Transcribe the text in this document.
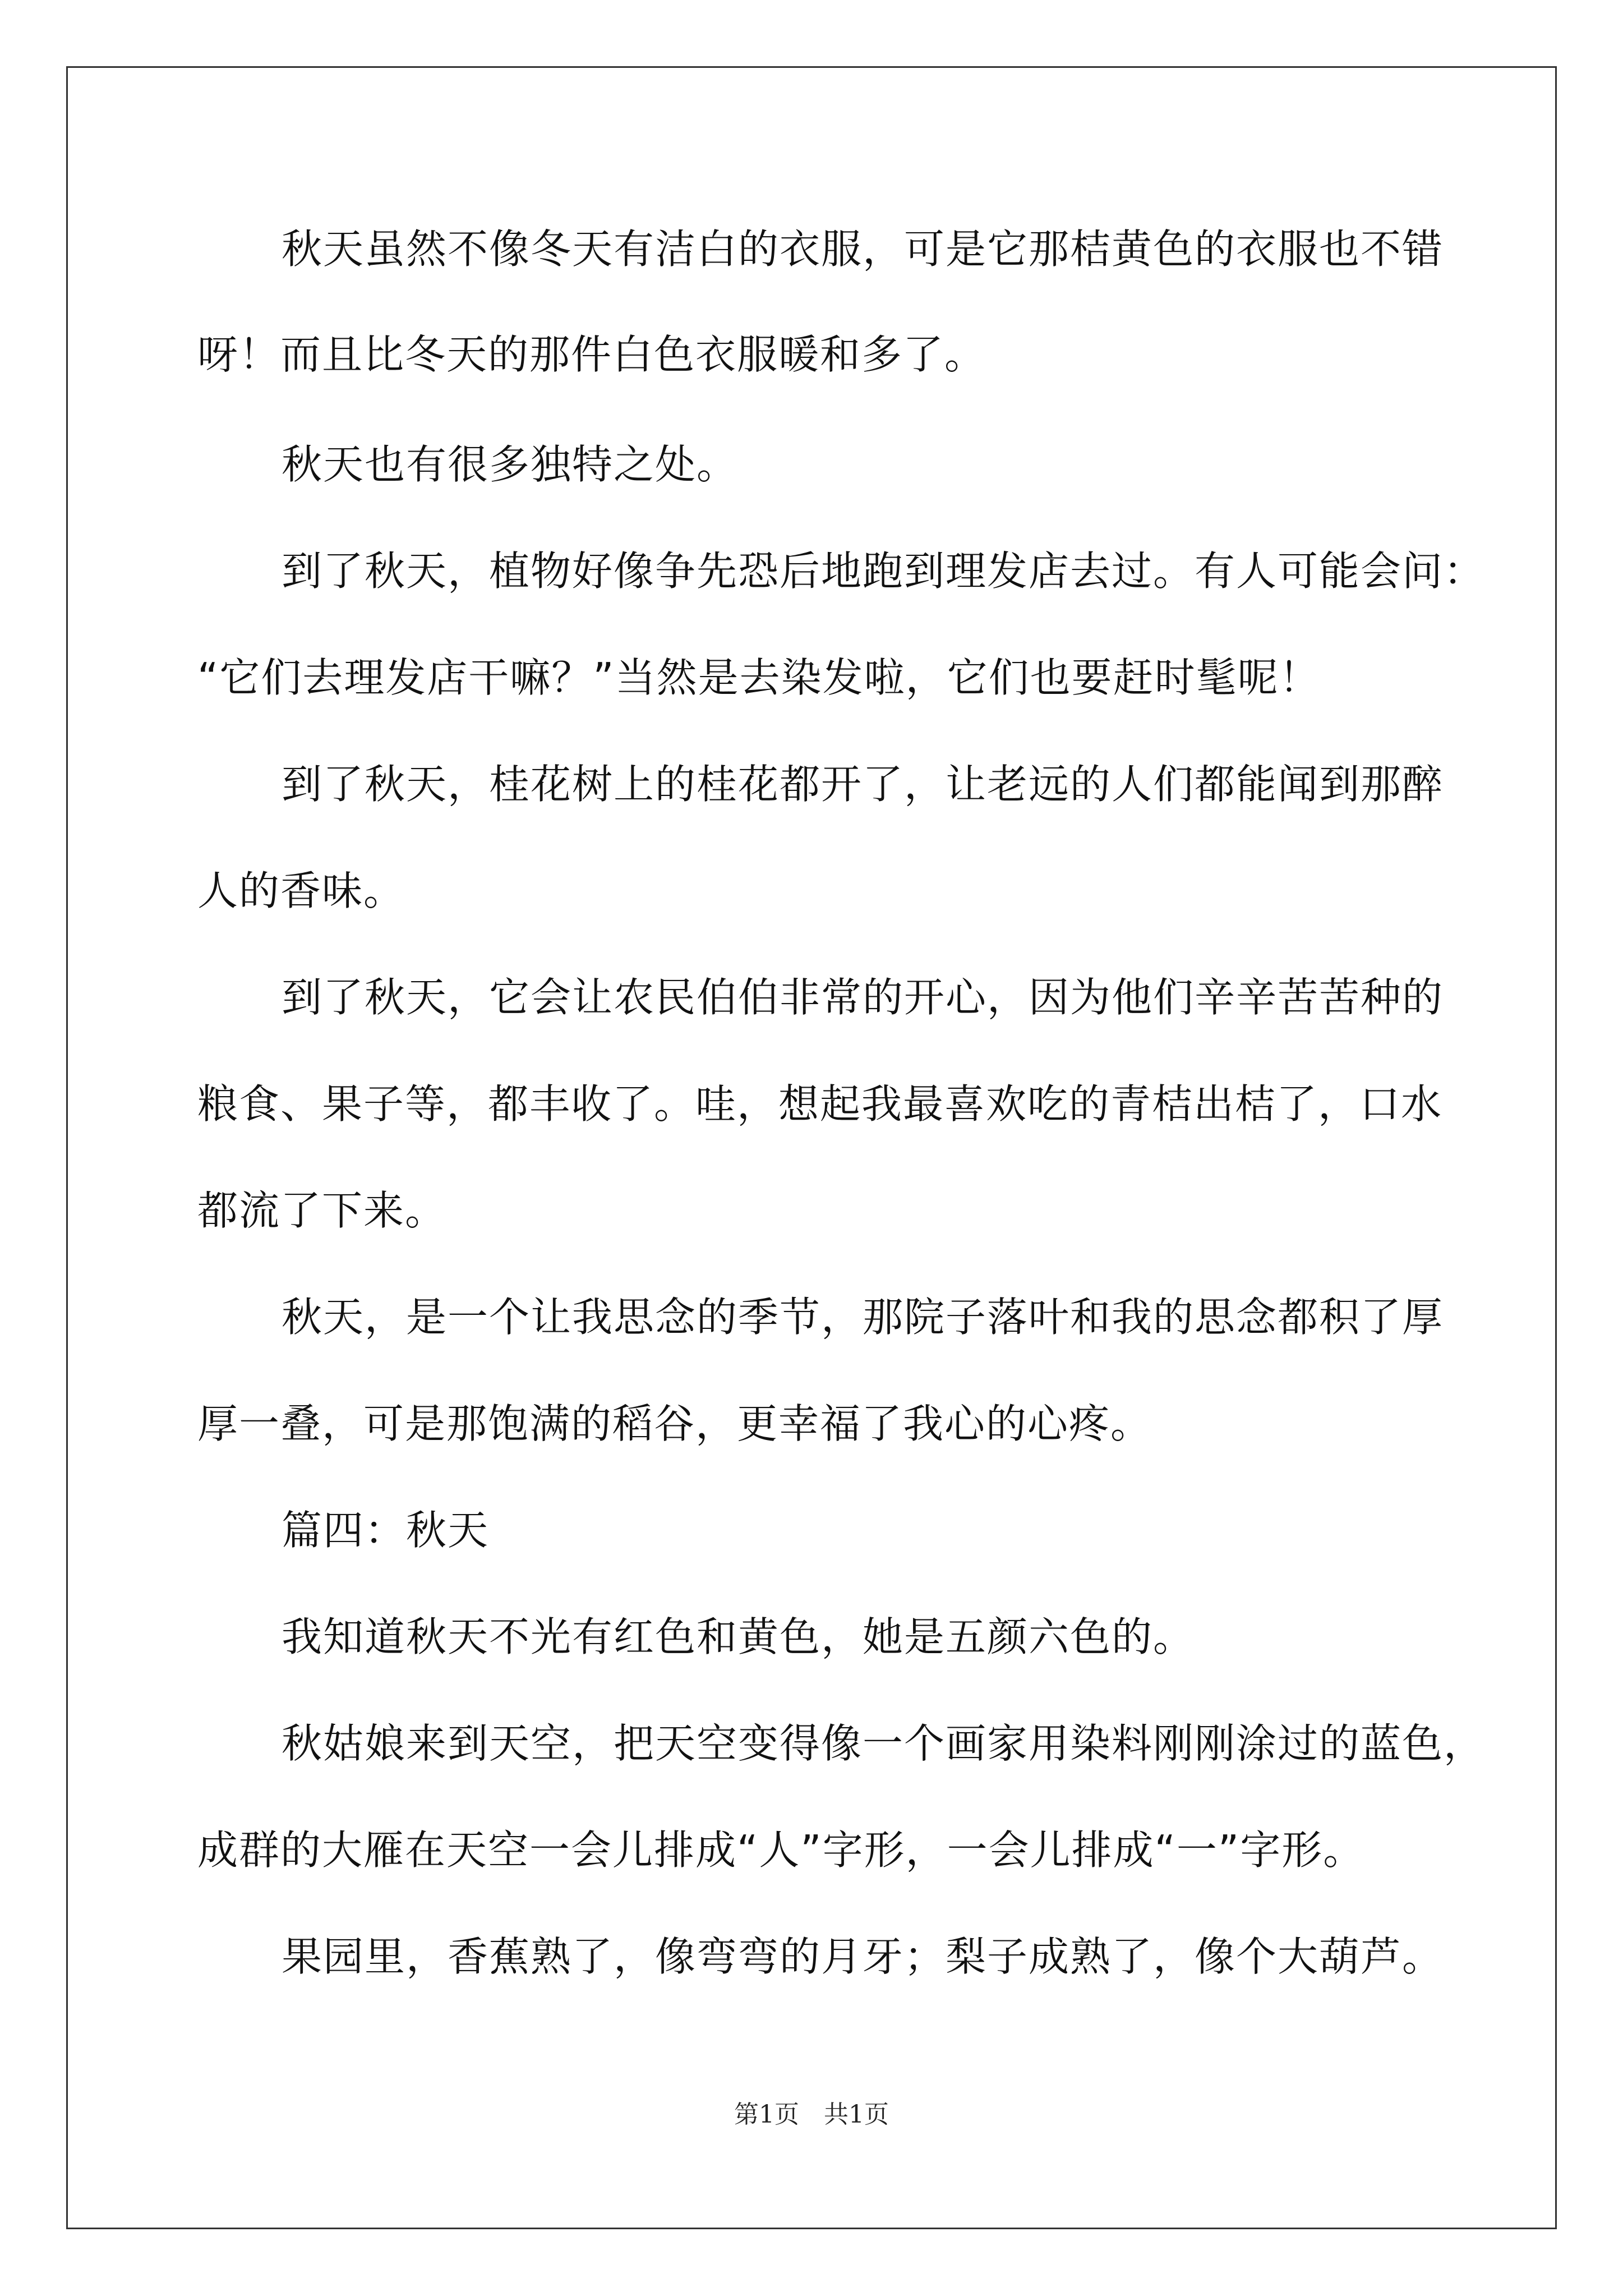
秋天虽然不像冬天有洁白的衣服，可是它那桔黄色的衣服也不错
呀！而且比冬天的那件白色衣服暖和多了。
秋天也有很多独特之处。
到了秋天，植物好像争先恐后地跑到理发店去过。有人可能会问：
“它们去理发店干嘛？”当然是去染发啦，它们也要赶时髦呢！
到了秋天，桂花树上的桂花都开了，让老远的人们都能闻到那醉
人的香味。
到了秋天，它会让农民伯伯非常的开心，因为他们辛辛苦苦种的
粮食、果子等，都丰收了。哇，想起我最喜欢吃的青桔出桔了，口水
都流了下来。
秋天，是一个让我思念的季节，那院子落叶和我的思念都积了厚
厚一叠，可是那饱满的稻谷，更幸福了我心的心疼。
篇四：秋天
我知道秋天不光有红色和黄色，她是五颜六色的。
秋姑娘来到天空，把天空变得像一个画家用染料刚刚涂过的蓝色，
成群的大雁在天空一会儿排成“人”字形，一会儿排成“一”字形。
果园里，香蕉熟了，像弯弯的月牙；梨子成熟了，像个大葫芦。
第1页　共1页
